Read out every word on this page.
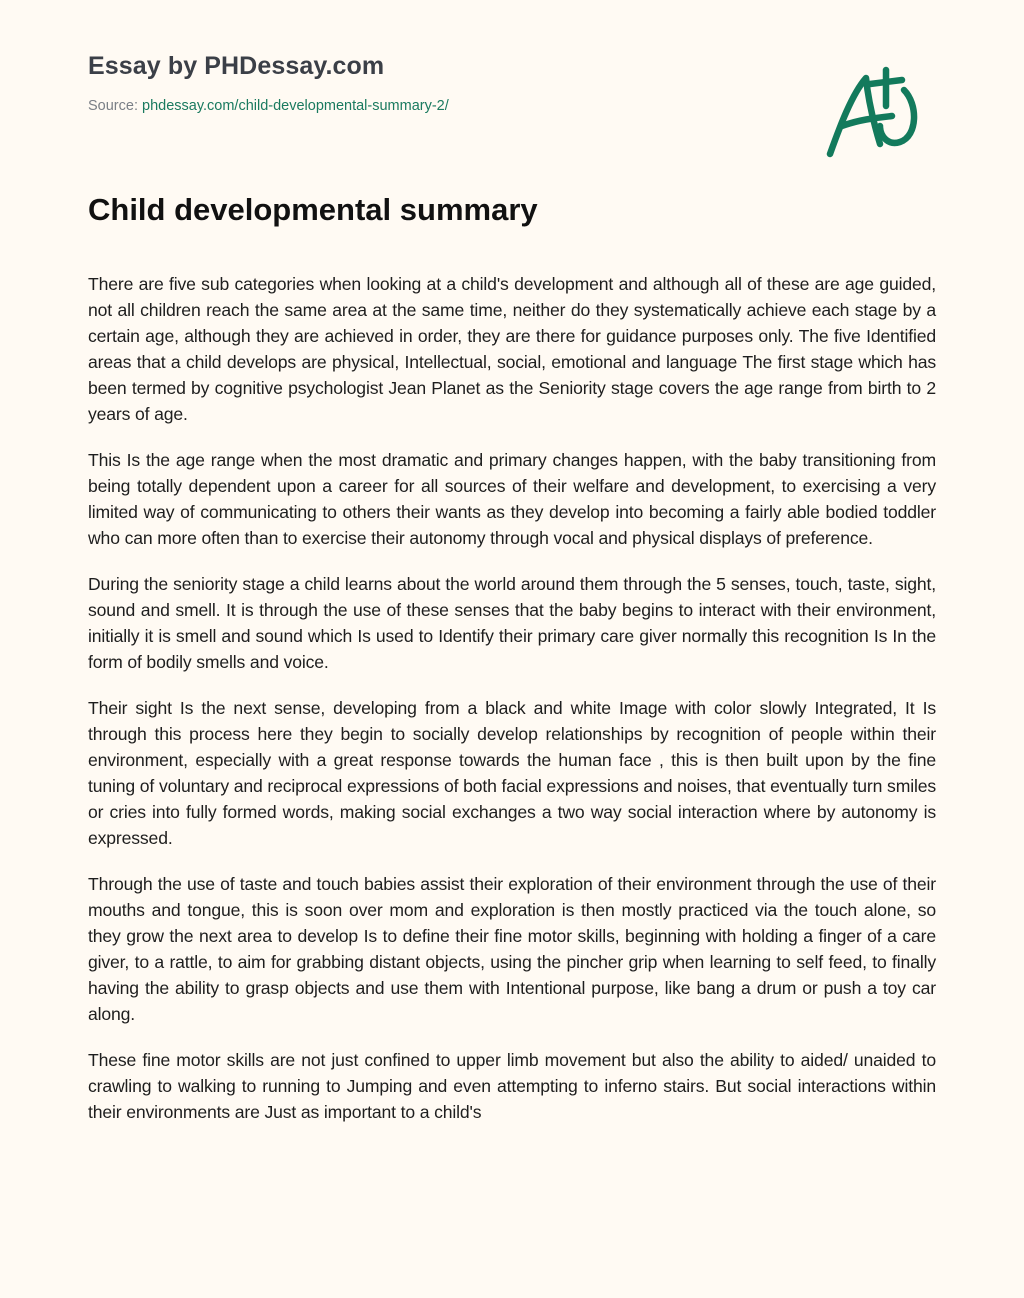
Essay by PHDessay.com
Source: phdessay.com/child-developmental-summary-2/
Child developmental summary

There are five sub categories when looking at a child's development and although all of these are age guided, not all children reach the same area at the same time, neither do they systematically achieve each stage by a certain age, although they are achieved in order, they are there for guidance purposes only. The five Identified areas that a child develops are physical, Intellectual, social, emotional and language The first stage which has been termed by cognitive psychologist Jean Planet as the Seniority stage covers the age range from birth to 2 years of age.

This Is the age range when the most dramatic and primary changes happen, with the baby transitioning from being totally dependent upon a career for all sources of their welfare and development, to exercising a very limited way of communicating to others their wants as they develop into becoming a fairly able bodied toddler who can more often than to exercise their autonomy through vocal and physical displays of preference.

During the seniority stage a child learns about the world around them through the 5 senses, touch, taste, sight, sound and smell. It is through the use of these senses that the baby begins to interact with their environment, initially it is smell and sound which Is used to Identify their primary care giver normally this recognition Is In the form of bodily smells and voice.

Their sight Is the next sense, developing from a black and white Image with color slowly Integrated, It Is through this process here they begin to socially develop relationships by recognition of people within their environment, especially with a great response towards the human face , this is then built upon by the fine tuning of voluntary and reciprocal expressions of both facial expressions and noises, that eventually turn smiles or cries into fully formed words, making social exchanges a two way social interaction where by autonomy is expressed.

Through the use of taste and touch babies assist their exploration of their environment through the use of their mouths and tongue, this is soon over mom and exploration is then mostly practiced via the touch alone, so they grow the next area to develop Is to define their fine motor skills, beginning with holding a finger of a care giver, to a rattle, to aim for grabbing distant objects, using the pincher grip when learning to self feed, to finally having the ability to grasp objects and use them with Intentional purpose, like bang a drum or push a toy car along.

These fine motor skills are not just confined to upper limb movement but also the ability to aided/ unaided to crawling to walking to running to Jumping and even attempting to inferno stairs. But social interactions within their environments are Just as important to a child's
